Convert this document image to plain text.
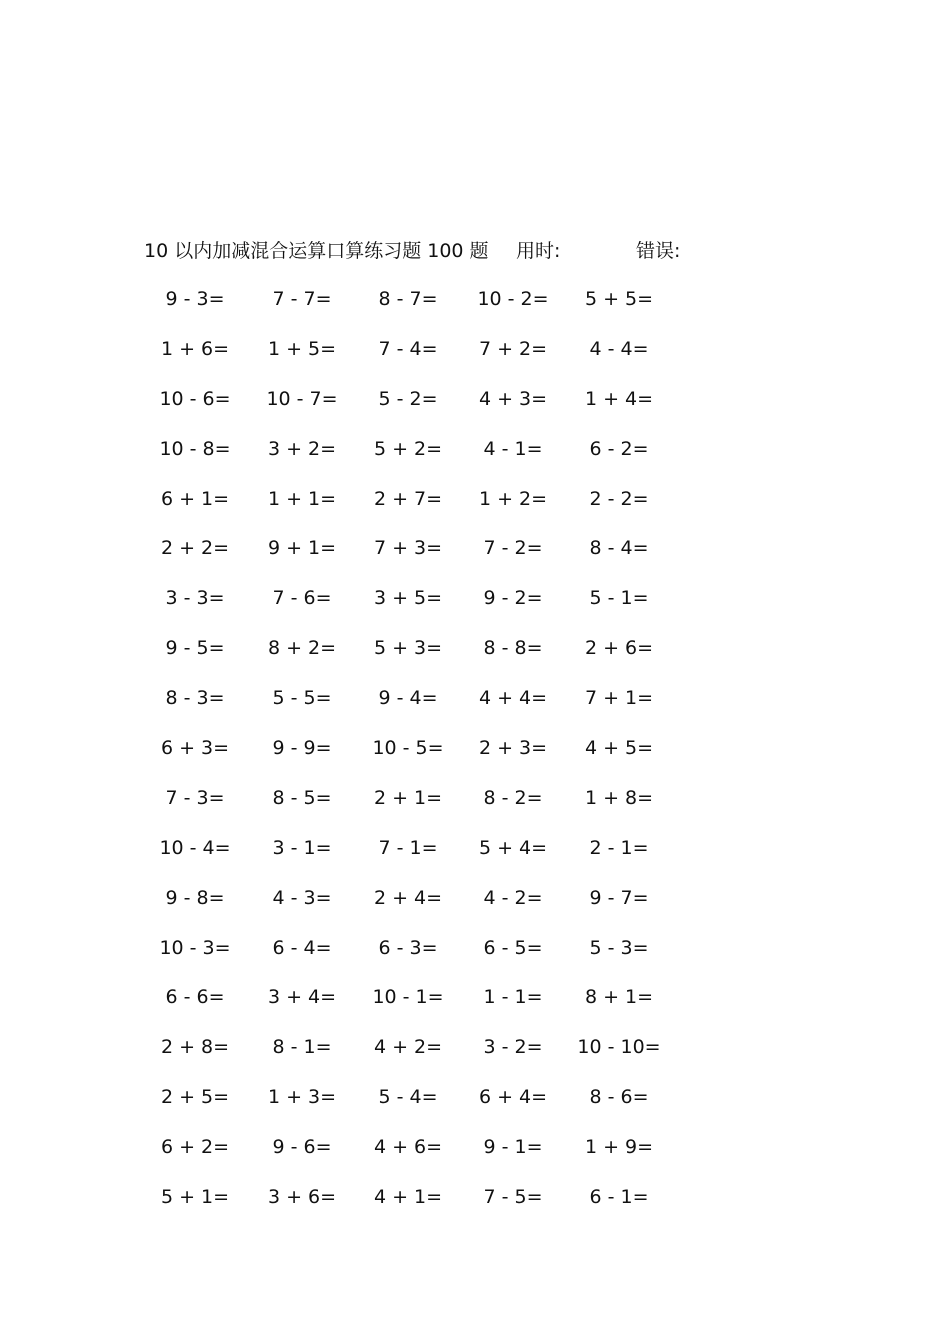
10 以内加减混合运算口算练习题 100 题 用时:	错误:
9 - 3=	7 - 7=	8 - 7=	10 - 2=	5 + 5=
1 + 6=	1 + 5=	7 - 4=	7 + 2=	4 - 4=
10 - 6=	10 - 7=	5 - 2=	4 + 3=	1 + 4=
10 - 8=	3 + 2=	5 + 2=	4 - 1=	6 - 2=
6 + 1=	1 + 1=	2 + 7=	1 + 2=	2 - 2=
2 + 2=	9 + 1=	7 + 3=	7 - 2=	8 - 4=
3 - 3=	7 - 6=	3 + 5=	9 - 2=	5 - 1=
9 - 5=	8 + 2=	5 + 3=	8 - 8=	2 + 6=
8 - 3=	5 - 5=	9 - 4=	4 + 4=	7 + 1=
6 + 3=	9 - 9=	10 - 5=	2 + 3=	4 + 5=
7 - 3=	8 - 5=	2 + 1=	8 - 2=	1 + 8=
10 - 4=	3 - 1=	7 - 1=	5 + 4=	2 - 1=
9 - 8=	4 - 3=	2 + 4=	4 - 2=	9 - 7=
10 - 3=	6 - 4=	6 - 3=	6 - 5=	5 - 3=
6 - 6=	3 + 4=	10 - 1=	1 - 1=	8 + 1=
2 + 8=	8 - 1=	4 + 2=	3 - 2=	10 - 10=
2 + 5=	1 + 3=	5 - 4=	6 + 4=	8 - 6=
6 + 2=	9 - 6=	4 + 6=	9 - 1=	1 + 9=
5 + 1=	3 + 6=	4 + 1=	7 - 5=	6 - 1=
